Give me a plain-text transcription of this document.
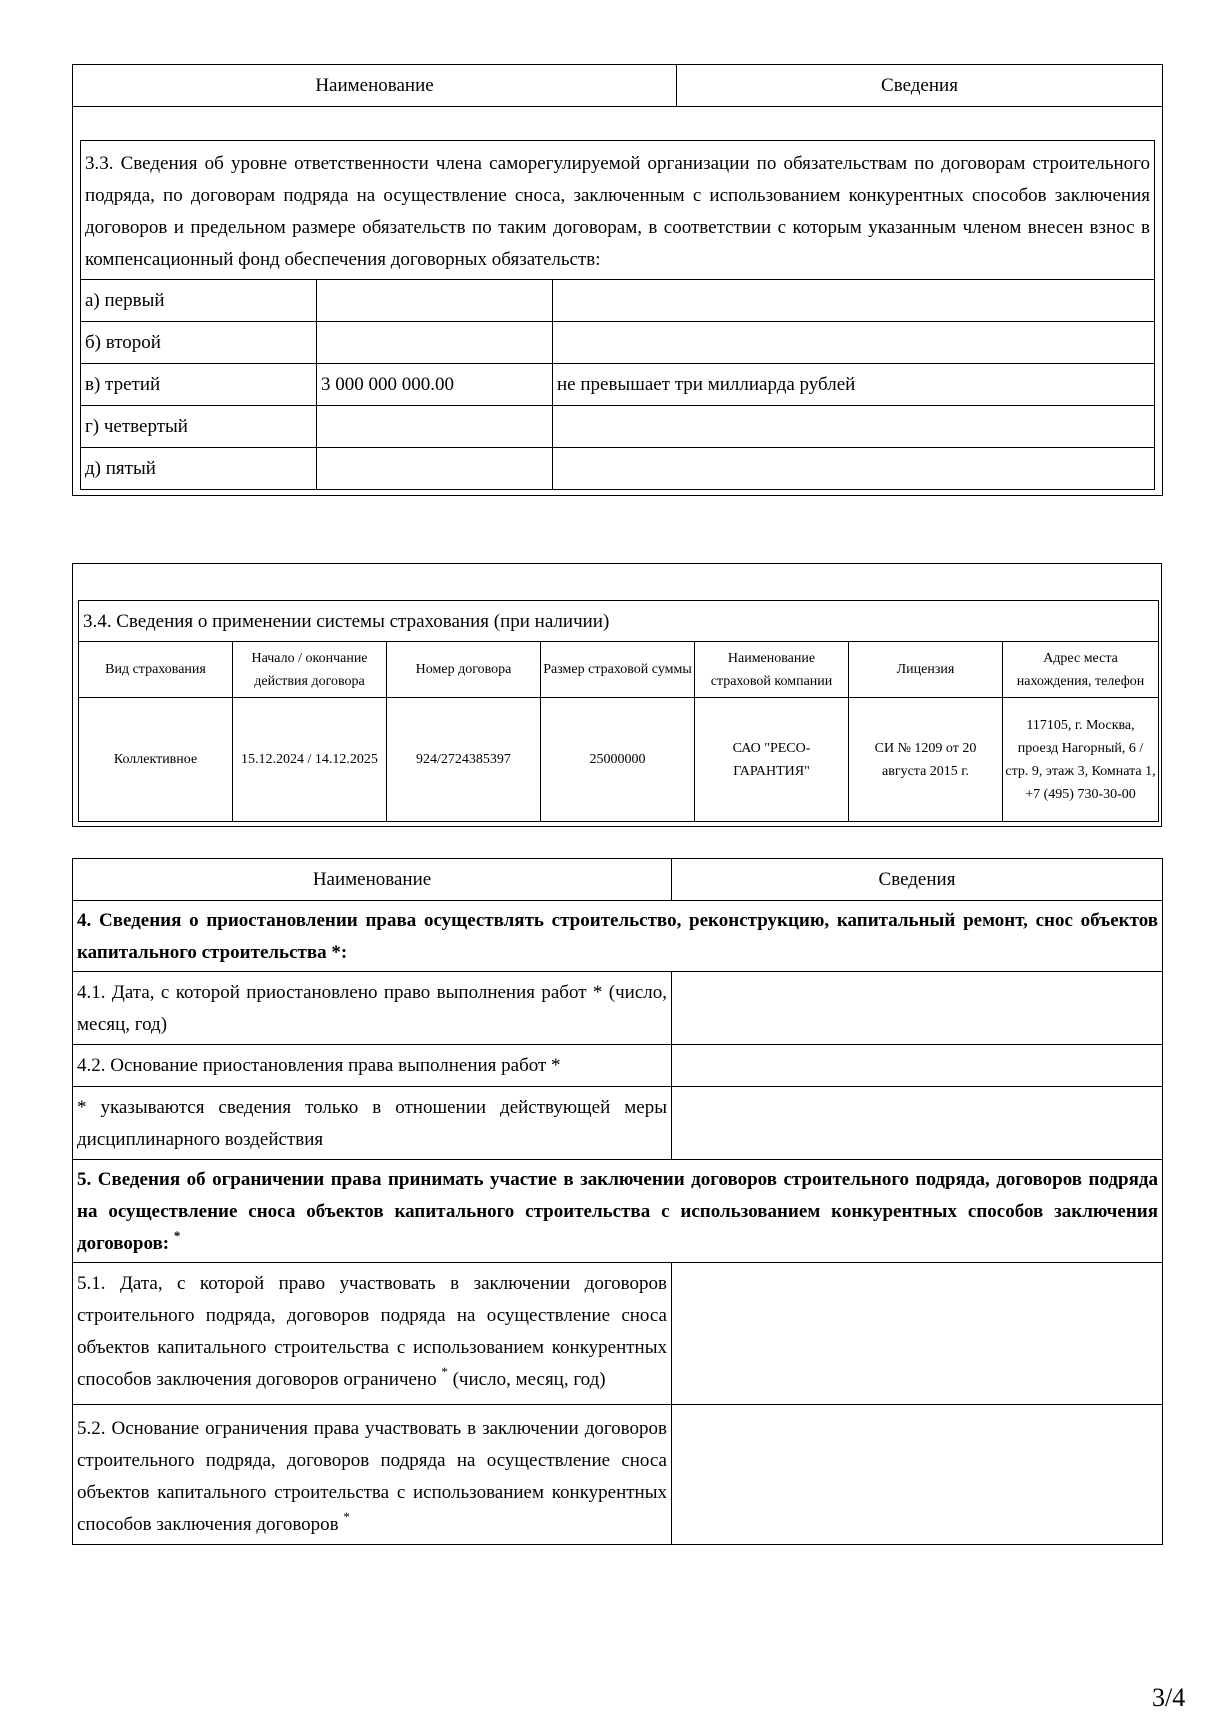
Наименование	Сведения

3.3. Сведения об уровне ответственности члена саморегулируемой организации по обязательствам по договорам строительного подряда, по договорам подряда на осуществление сноса, заключенным с использованием конкурентных способов заключения договоров и предельном размере обязательств по таким договорам, в соответствии с которым указанным членом внесен взнос в компенсационный фонд обеспечения договорных обязательств:
а) первый		
б) второй		
в) третий	3 000 000 000.00	не превышает три миллиарда рублей
г) четвертый		
д) пятый		
3.4. Сведения о применении системы страхования (при наличии)						
Вид страхования	Начало / окончание действия договора	Номер договора	Размер страховой суммы	Наименование страховой компании	Лицензия	Адрес места нахождения, телефон
Коллективное	15.12.2024 / 14.12.2025	924/2724385397	25000000	САО "РЕСО-ГАРАНТИЯ"	СИ № 1209 от 20 августа 2015 г.	117105, г. Москва, проезд Нагорный, 6 / стр. 9, этаж 3, Комната 1, +7 (495) 730-30-00
Наименование	Сведения
4. Сведения о приостановлении права осуществлять строительство, реконструкцию, капитальный ремонт, снос объектов капитального строительства *:	
4.1. Дата, с которой приостановлено право выполнения работ * (число, месяц, год)	
4.2. Основание приостановления права выполнения работ *	
* указываются сведения только в отношении действующей меры дисциплинарного воздействия	
5. Сведения об ограничении права принимать участие в заключении договоров строительного подряда, договоров подряда на осуществление сноса объектов капитального строительства с использованием конкурентных способов заключения договоров: *
5.1. Дата, с которой право участвовать в заключении договоров строительного подряда, договоров подряда на осуществление сноса объектов капитального строительства с использованием конкурентных способов заключения договоров ограничено * (число, месяц, год)	
5.2. Основание ограничения права участвовать в заключении договоров строительного подряда, договоров подряда на осуществление сноса объектов капитального строительства с использованием конкурентных способов заключения договоров *	
3/4
